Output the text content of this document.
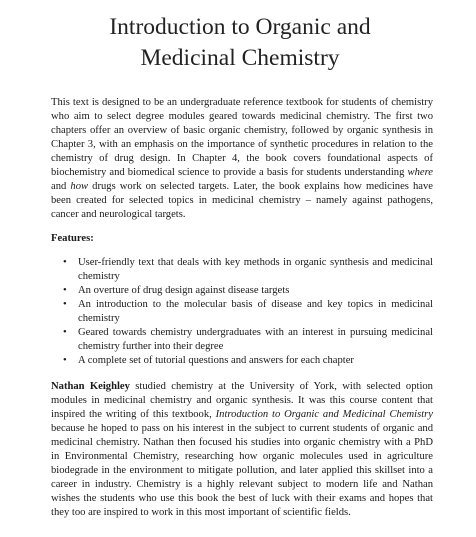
Introduction to Organic and
Medicinal Chemistry

This text is designed to be an undergraduate reference textbook for students of chemistry who aim to select degree modules geared towards medicinal chemistry. The first two chapters offer an overview of basic organic chemistry, followed by organic synthesis in Chapter 3, with an emphasis on the importance of synthetic procedures in relation to the chemistry of drug design. In Chapter 4, the book covers foundational aspects of biochemistry and biomedical science to provide a basis for students understanding where and how drugs work on selected targets. Later, the book explains how medicines have been created for selected topics in medicinal chemistry – namely against pathogens, cancer and neurological targets.

Features:

• User-friendly text that deals with key methods in organic synthesis and medicinal chemistry
• An overture of drug design against disease targets
• An introduction to the molecular basis of disease and key topics in medicinal chemistry
• Geared towards chemistry undergraduates with an interest in pursuing medicinal chemistry further into their degree
• A complete set of tutorial questions and answers for each chapter

Nathan Keighley studied chemistry at the University of York, with selected option modules in medicinal chemistry and organic synthesis. It was this course content that inspired the writing of this textbook, Introduction to Organic and Medicinal Chemistry because he hoped to pass on his interest in the subject to current students of organic and medicinal chemistry. Nathan then focused his studies into organic chemistry with a PhD in Environmental Chemistry, researching how organic molecules used in agriculture biodegrade in the environment to mitigate pollution, and later applied this skillset into a career in industry. Chemistry is a highly relevant subject to modern life and Nathan wishes the students who use this book the best of luck with their exams and hopes that they too are inspired to work in this most important of scientific fields.
